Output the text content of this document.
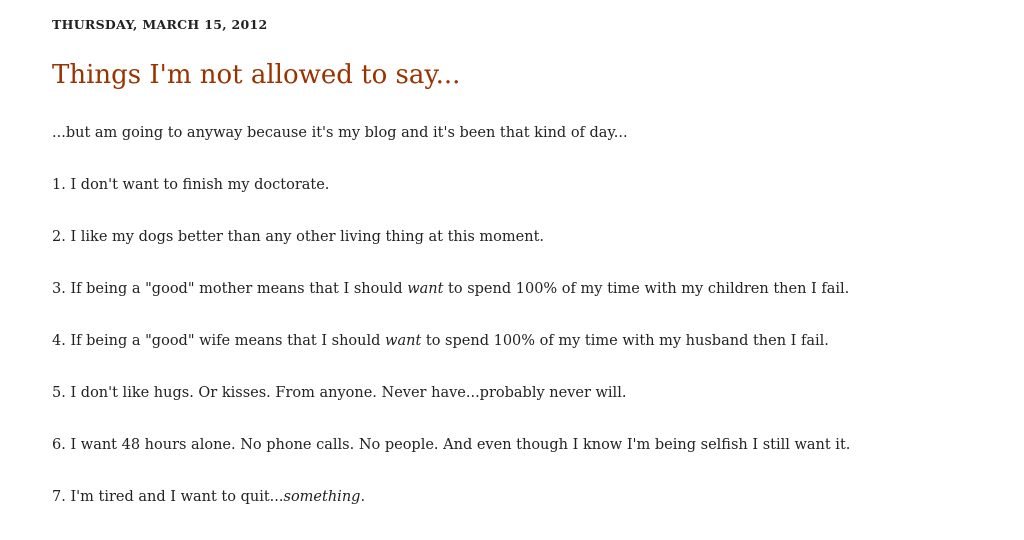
THURSDAY, MARCH 15, 2012
Things I'm not allowed to say...

...but am going to anyway because it's my blog and it's been that kind of day...

1. I don't want to finish my doctorate.

2. I like my dogs better than any other living thing at this moment.

3. If being a "good" mother means that I should want to spend 100% of my time with my children then I fail.

4. If being a "good" wife means that I should want to spend 100% of my time with my husband then I fail.

5. I don't like hugs. Or kisses. From anyone. Never have...probably never will.

6. I want 48 hours alone. No phone calls. No people. And even though I know I'm being selfish I still want it.

7. I'm tired and I want to quit...something.
